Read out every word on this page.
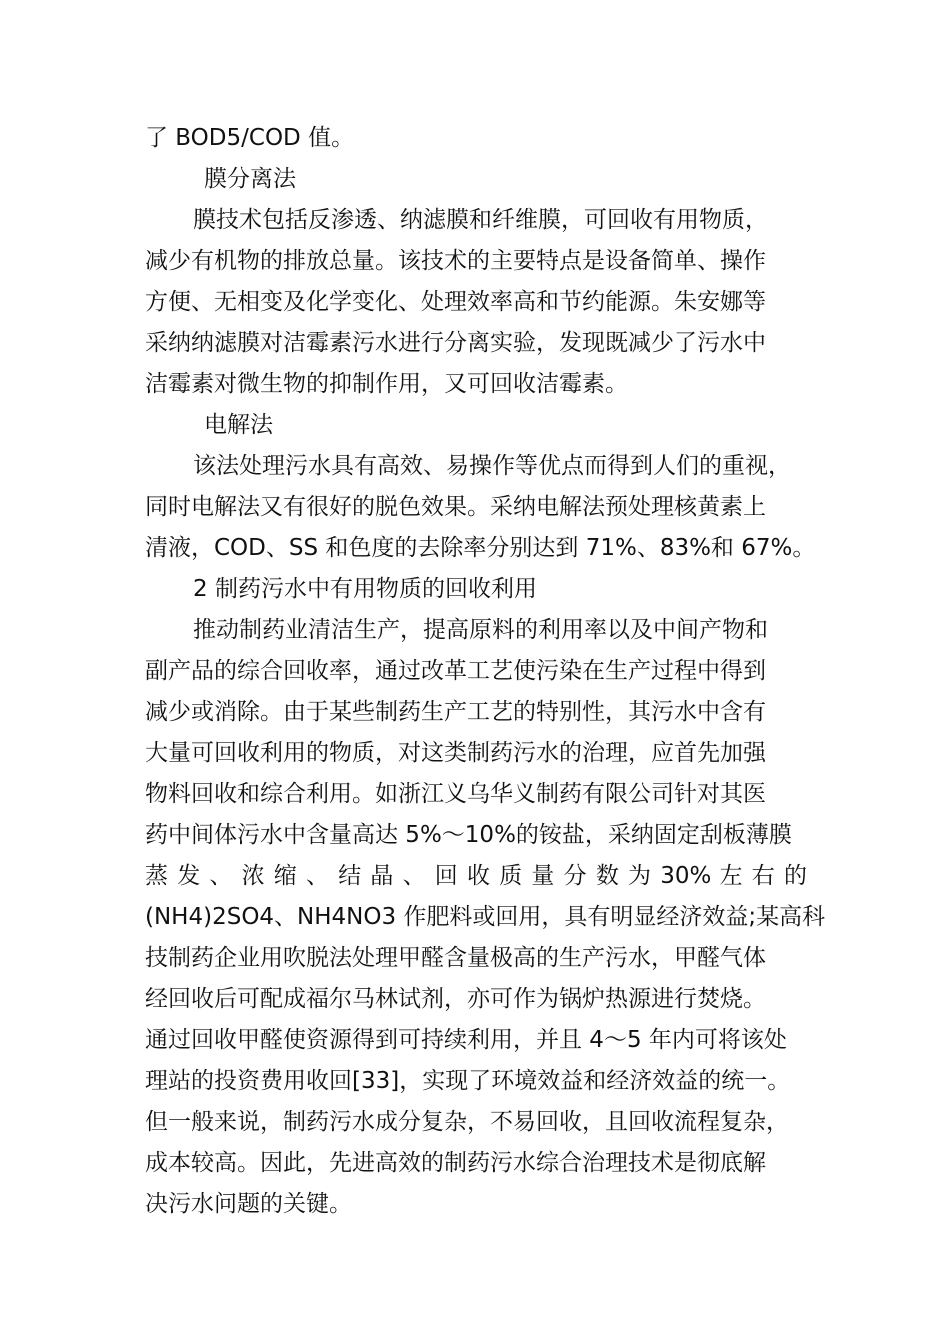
了 BOD5/COD 值。
膜分离法
膜技术包括反渗透、纳滤膜和纤维膜，可回收有用物质，
减少有机物的排放总量。该技术的主要特点是设备简单、操作
方便、无相变及化学变化、处理效率高和节约能源。朱安娜等
采纳纳滤膜对洁霉素污水进行分离实验，发现既减少了污水中
洁霉素对微生物的抑制作用，又可回收洁霉素。
电解法
该法处理污水具有高效、易操作等优点而得到人们的重视，
同时电解法又有很好的脱色效果。采纳电解法预处理核黄素上
清液，COD、SS 和色度的去除率分别达到 71%、83%和 67%。
2 制药污水中有用物质的回收利用
推动制药业清洁生产，提高原料的利用率以及中间产物和
副产品的综合回收率，通过改革工艺使污染在生产过程中得到
减少或消除。由于某些制药生产工艺的特别性，其污水中含有
大量可回收利用的物质，对这类制药污水的治理，应首先加强
物料回收和综合利用。如浙江义乌华义制药有限公司针对其医
药中间体污水中含量高达 5%～10%的铵盐，采纳固定刮板薄膜
蒸 发 、 浓 缩 、 结 晶 、 回 收 质 量 分 数 为 30% 左 右 的
(NH4)2SO4、NH4NO3 作肥料或回用，具有明显经济效益;某高科
技制药企业用吹脱法处理甲醛含量极高的生产污水，甲醛气体
经回收后可配成福尔马林试剂，亦可作为锅炉热源进行焚烧。
通过回收甲醛使资源得到可持续利用，并且 4～5 年内可将该处
理站的投资费用收回[33]，实现了环境效益和经济效益的统一。
但一般来说，制药污水成分复杂，不易回收，且回收流程复杂，
成本较高。因此，先进高效的制药污水综合治理技术是彻底解
决污水问题的关键。
